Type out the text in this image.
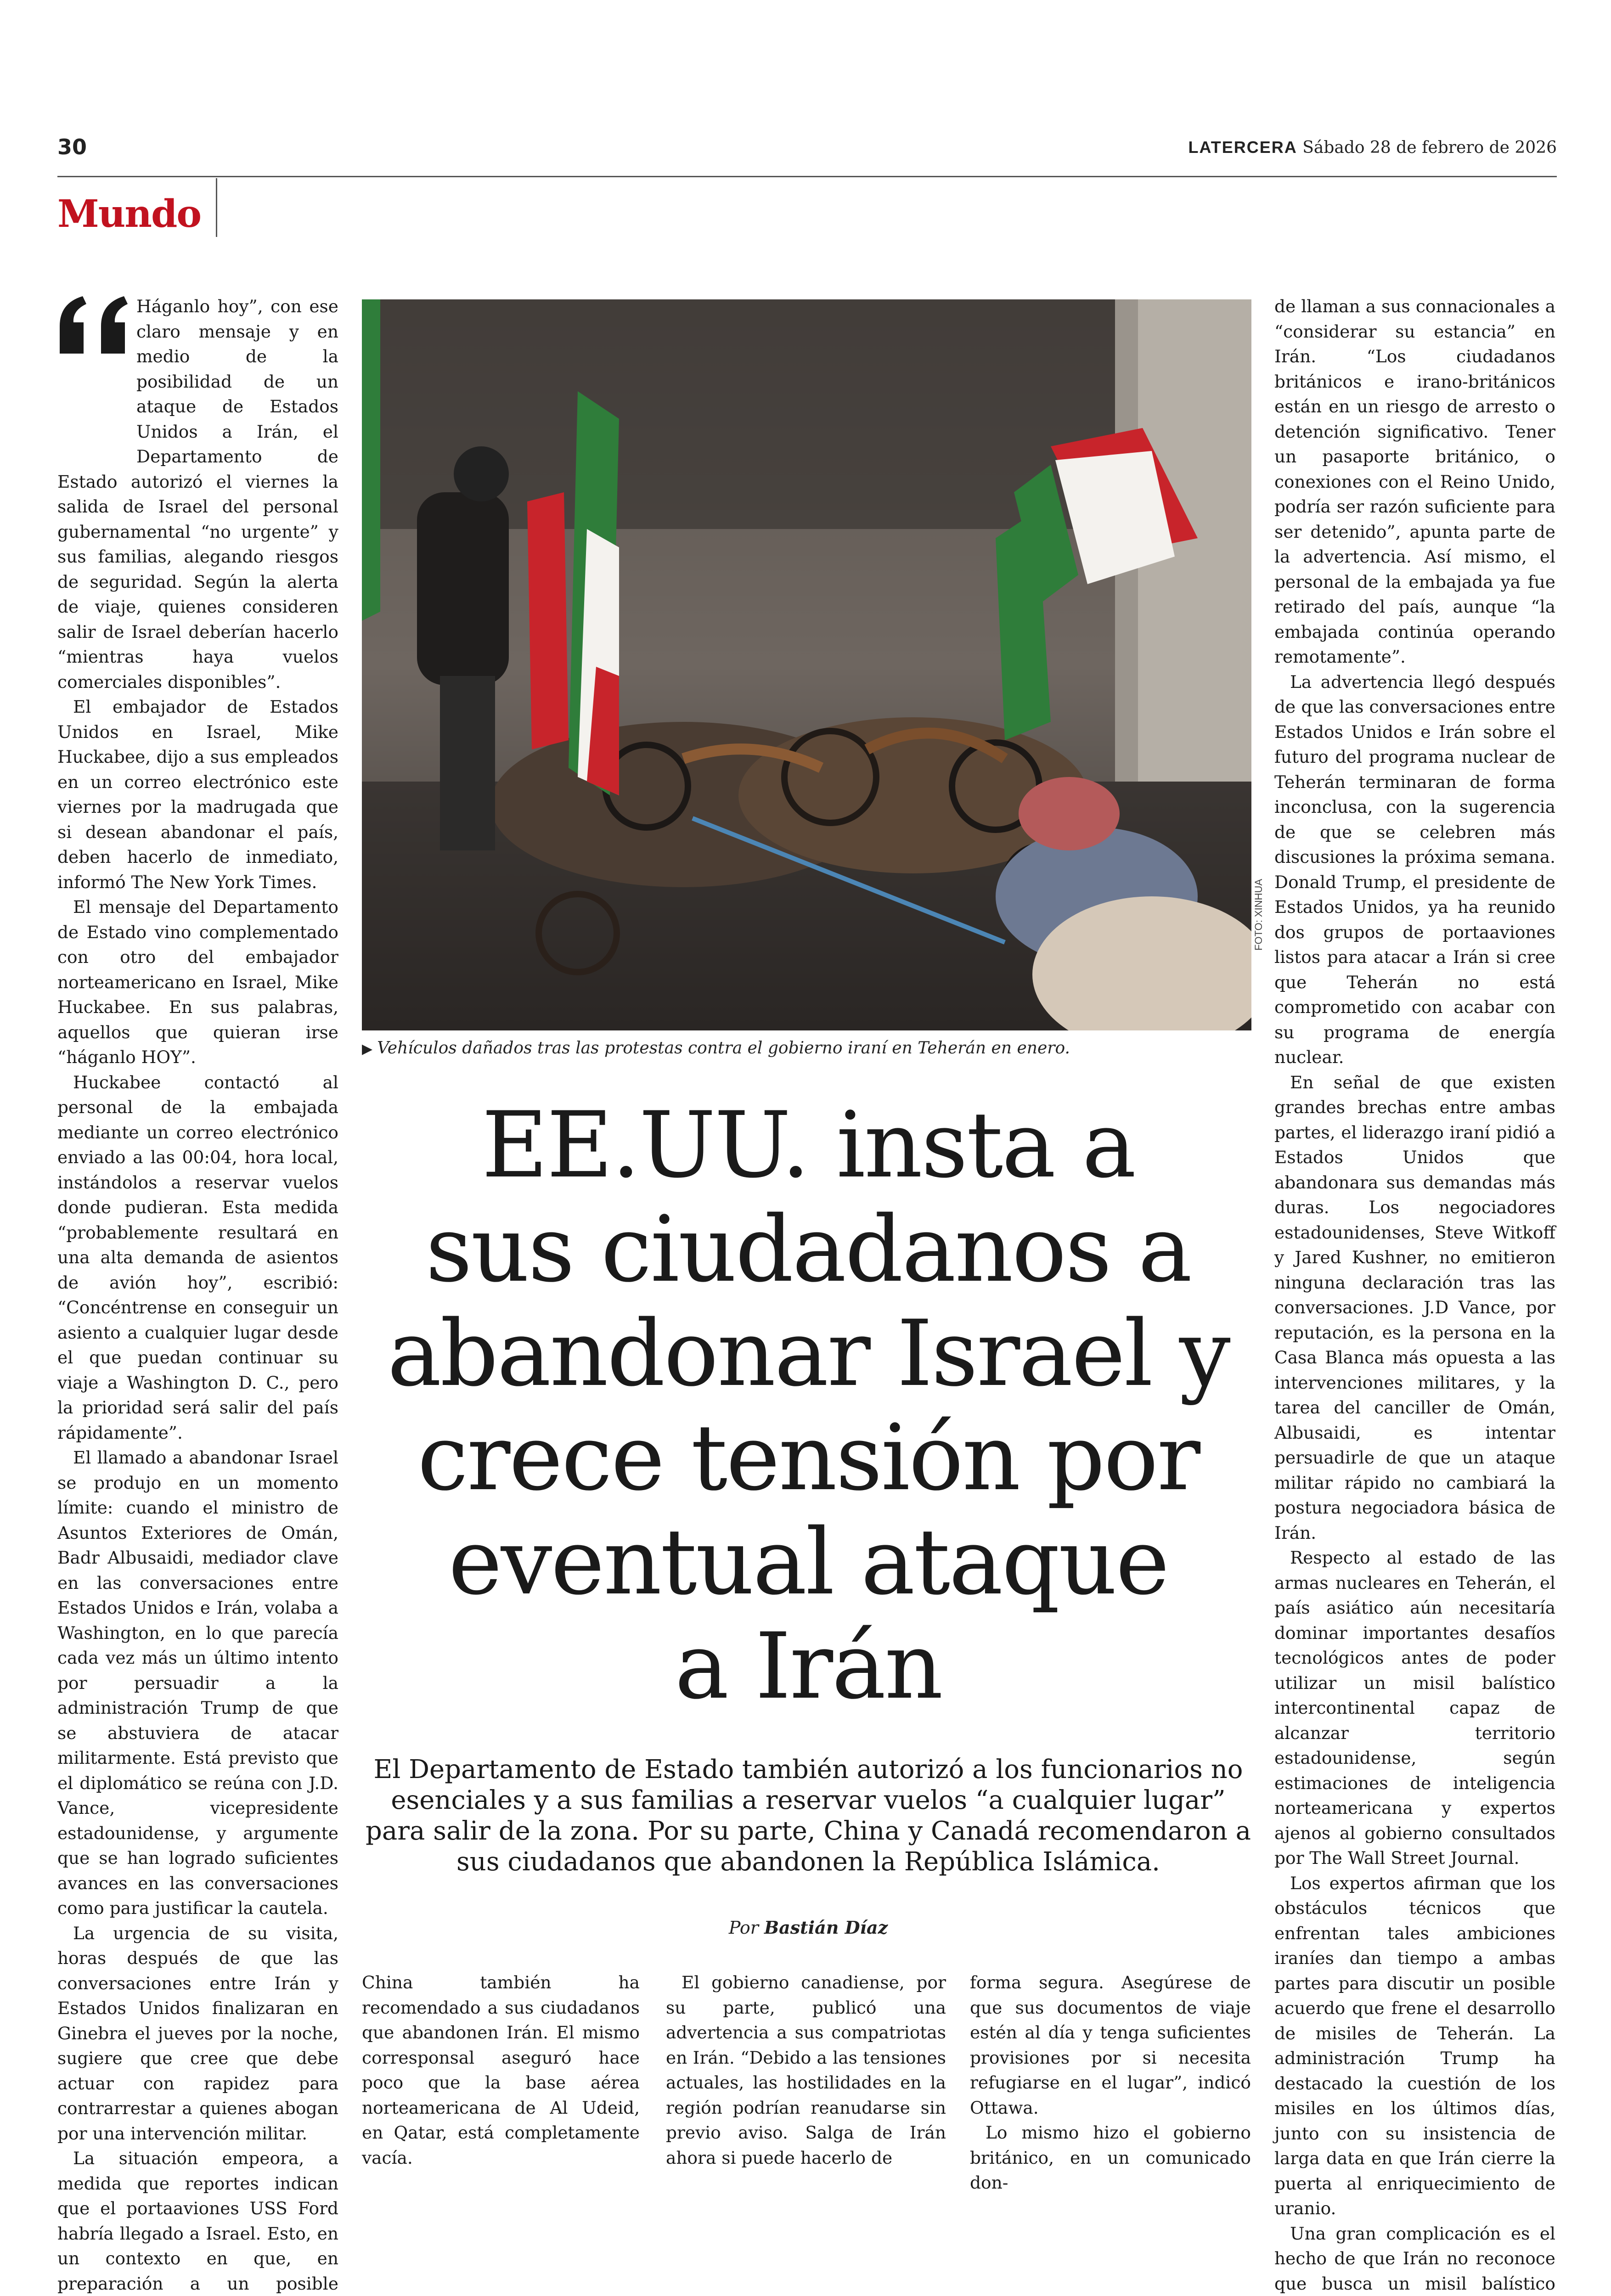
30	LATERCERA Sábado 28 de febrero de 2026
Mundo

Háganlo hoy”, con ese claro mensaje y en medio de la posibilidad de un ataque de Estados Unidos a Irán, el Departamento de Estado autorizó el viernes la salida de Israel del personal gubernamental “no urgente” y sus familias, alegando riesgos de seguridad. Según la alerta de viaje, quienes consideren salir de Israel deberían hacerlo “mientras haya vuelos comerciales disponibles”.

El embajador de Estados Unidos en Israel, Mike Huckabee, dijo a sus empleados en un correo electrónico este viernes por la madrugada que si desean abandonar el país, deben hacerlo de inmediato, informó The New York Times.

El mensaje del Departamento de Estado vino complementado con otro del embajador norteamericano en Israel, Mike Huckabee. En sus palabras, aquellos que quieran irse “háganlo HOY”.

Huckabee contactó al personal de la embajada mediante un correo electrónico enviado a las 00:04, hora local, instándolos a reservar vuelos donde pudieran. Esta medida “probablemente resultará en una alta demanda de asientos de avión hoy”, escribió: “Concéntrense en conseguir un asiento a cualquier lugar desde el que puedan continuar su viaje a Washington D. C., pero la prioridad será salir del país rápidamente”.

El llamado a abandonar Israel se produjo en un momento límite: cuando el ministro de Asuntos Exteriores de Omán, Badr Albusaidi, mediador clave en las conversaciones entre Estados Unidos e Irán, volaba a Washington, en lo que parecía cada vez más un último intento por persuadir a la administración Trump de que se abstuviera de atacar militarmente. Está previsto que el diplomático se reúna con J.D. Vance, vicepresidente estadounidense, y argumente que se han logrado suficientes avances en las conversaciones como para justificar la cautela.

La urgencia de su visita, horas después de que las conversaciones entre Irán y Estados Unidos finalizaran en Ginebra el jueves por la noche, sugiere que cree que debe actuar con rapidez para contrarrestar a quienes abogan por una intervención militar.

La situación empeora, a medida que reportes indican que el portaaviones USS Ford habría llegado a Israel. Esto, en un contexto en que, en preparación a un posible

FOTO: XINHUA
▶ Vehículos dañados tras las protestas contra el gobierno iraní en Teherán en enero.
EE.UU. insta a
sus ciudadanos a
abandonar Israel y
crece tensión por
eventual ataque
a Irán
El Departamento de Estado también autorizó a los funcionarios no esenciales y a sus familias a reservar vuelos “a cualquier lugar” para salir de la zona. Por su parte, China y Canadá recomendaron a sus ciudadanos que abandonen la República Islámica.
Por Bastián Díaz

China también ha recomendado a sus ciudadanos que abandonen Irán. El mismo corresponsal aseguró hace poco que la base aérea norteamericana de Al Udeid, en Qatar, está completamente vacía.

El gobierno canadiense, por su parte, publicó una advertencia a sus compatriotas en Irán. “Debido a las tensiones actuales, las hostilidades en la región podrían reanudarse sin previo aviso. Salga de Irán ahora si puede hacerlo de

forma segura. Asegúrese de que sus documentos de viaje estén al día y tenga suficientes provisiones por si necesita refugiarse en el lugar”, indicó Ottawa.

Lo mismo hizo el gobierno británico, en un comunicado don-

de llaman a sus connacionales a “considerar su estancia” en Irán. “Los ciudadanos británicos e irano-británicos están en un riesgo de arresto o detención significativo. Tener un pasaporte británico, o conexiones con el Reino Unido, podría ser razón suficiente para ser detenido”, apunta parte de la advertencia. Así mismo, el personal de la embajada ya fue retirado del país, aunque “la embajada continúa operando remotamente”.

La advertencia llegó después de que las conversaciones entre Estados Unidos e Irán sobre el futuro del programa nuclear de Teherán terminaran de forma inconclusa, con la sugerencia de que se celebren más discusiones la próxima semana. Donald Trump, el presidente de Estados Unidos, ya ha reunido dos grupos de portaaviones listos para atacar a Irán si cree que Teherán no está comprometido con acabar con su programa de energía nuclear.

En señal de que existen grandes brechas entre ambas partes, el liderazgo iraní pidió a Estados Unidos que abandonara sus demandas más duras. Los negociadores estadounidenses, Steve Witkoff y Jared Kushner, no emitieron ninguna declaración tras las conversaciones. J.D Vance, por reputación, es la persona en la Casa Blanca más opuesta a las intervenciones militares, y la tarea del canciller de Omán, Albusaidi, es intentar persuadirle de que un ataque militar rápido no cambiará la postura negociadora básica de Irán.

Respecto al estado de las armas nucleares en Teherán, el país asiático aún necesitaría dominar importantes desafíos tecnológicos antes de poder utilizar un misil balístico intercontinental capaz de alcanzar territorio estadounidense, según estimaciones de inteligencia norteamericana y expertos ajenos al gobierno consultados por The Wall Street Journal.

Los expertos afirman que los obstáculos técnicos que enfrentan tales ambiciones iraníes dan tiempo a ambas partes para discutir un posible acuerdo que frene el desarrollo de misiles de Teherán. La administración Trump ha destacado la cuestión de los misiles en los últimos días, junto con su insistencia de larga data en que Irán cierre la puerta al enriquecimiento de uranio.

Una gran complicación es el hecho de que Irán no reconoce que busca un misil balístico
